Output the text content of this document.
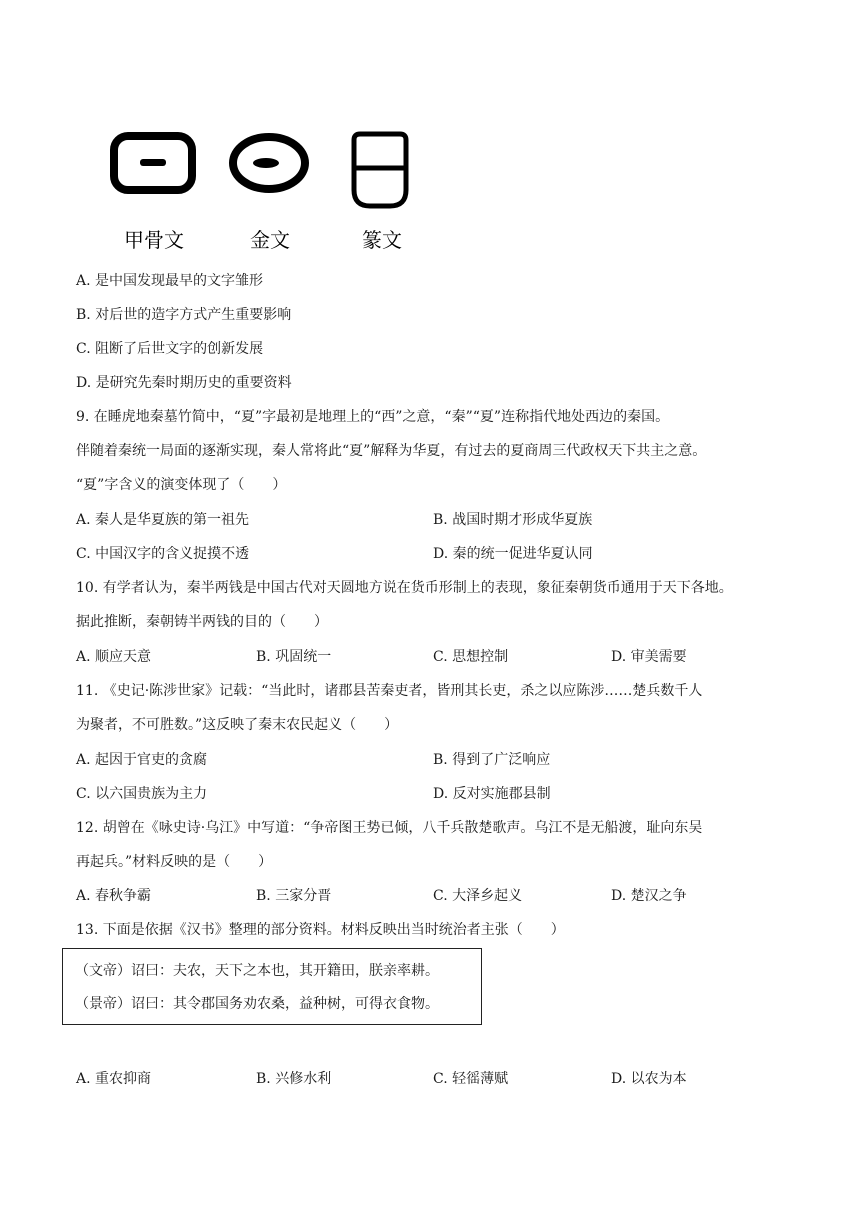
甲骨文	金文	篆文
A. 是中国发现最早的文字雏形
B. 对后世的造字方式产生重要影响
C. 阻断了后世文字的创新发展
D. 是研究先秦时期历史的重要资料
9. 在睡虎地秦墓竹简中，“夏”字最初是地理上的“西”之意，“秦”“夏”连称指代地处西边的秦国。
伴随着秦统一局面的逐渐实现，秦人常将此“夏”解释为华夏，有过去的夏商周三代政权天下共主之意。
“夏”字含义的演变体现了（　　）
A. 秦人是华夏族的第一祖先	B. 战国时期才形成华夏族
C. 中国汉字的含义捉摸不透	D. 秦的统一促进华夏认同
10. 有学者认为，秦半两钱是中国古代对天圆地方说在货币形制上的表现，象征秦朝货币通用于天下各地。
据此推断，秦朝铸半两钱的目的（　　）
A. 顺应天意	B. 巩固统一	C. 思想控制	D. 审美需要
11. 《史记·陈涉世家》记载：“当此时，诸郡县苦秦吏者，皆刑其长吏，杀之以应陈涉……楚兵数千人
为聚者，不可胜数。”这反映了秦末农民起义（　　）
A. 起因于官吏的贪腐	B. 得到了广泛响应
C. 以六国贵族为主力	D. 反对实施郡县制
12. 胡曾在《咏史诗·乌江》中写道：“争帝图王势已倾，八千兵散楚歌声。乌江不是无船渡，耻向东吴
再起兵。”材料反映的是（　　）
A. 春秋争霸	B. 三家分晋	C. 大泽乡起义	D. 楚汉之争
13. 下面是依据《汉书》整理的部分资料。材料反映出当时统治者主张（　　）
（文帝）诏曰：夫农，天下之本也，其开籍田，朕亲率耕。
（景帝）诏曰：其令郡国务劝农桑，益种树，可得衣食物。
A. 重农抑商	B. 兴修水利	C. 轻徭薄赋	D. 以农为本
